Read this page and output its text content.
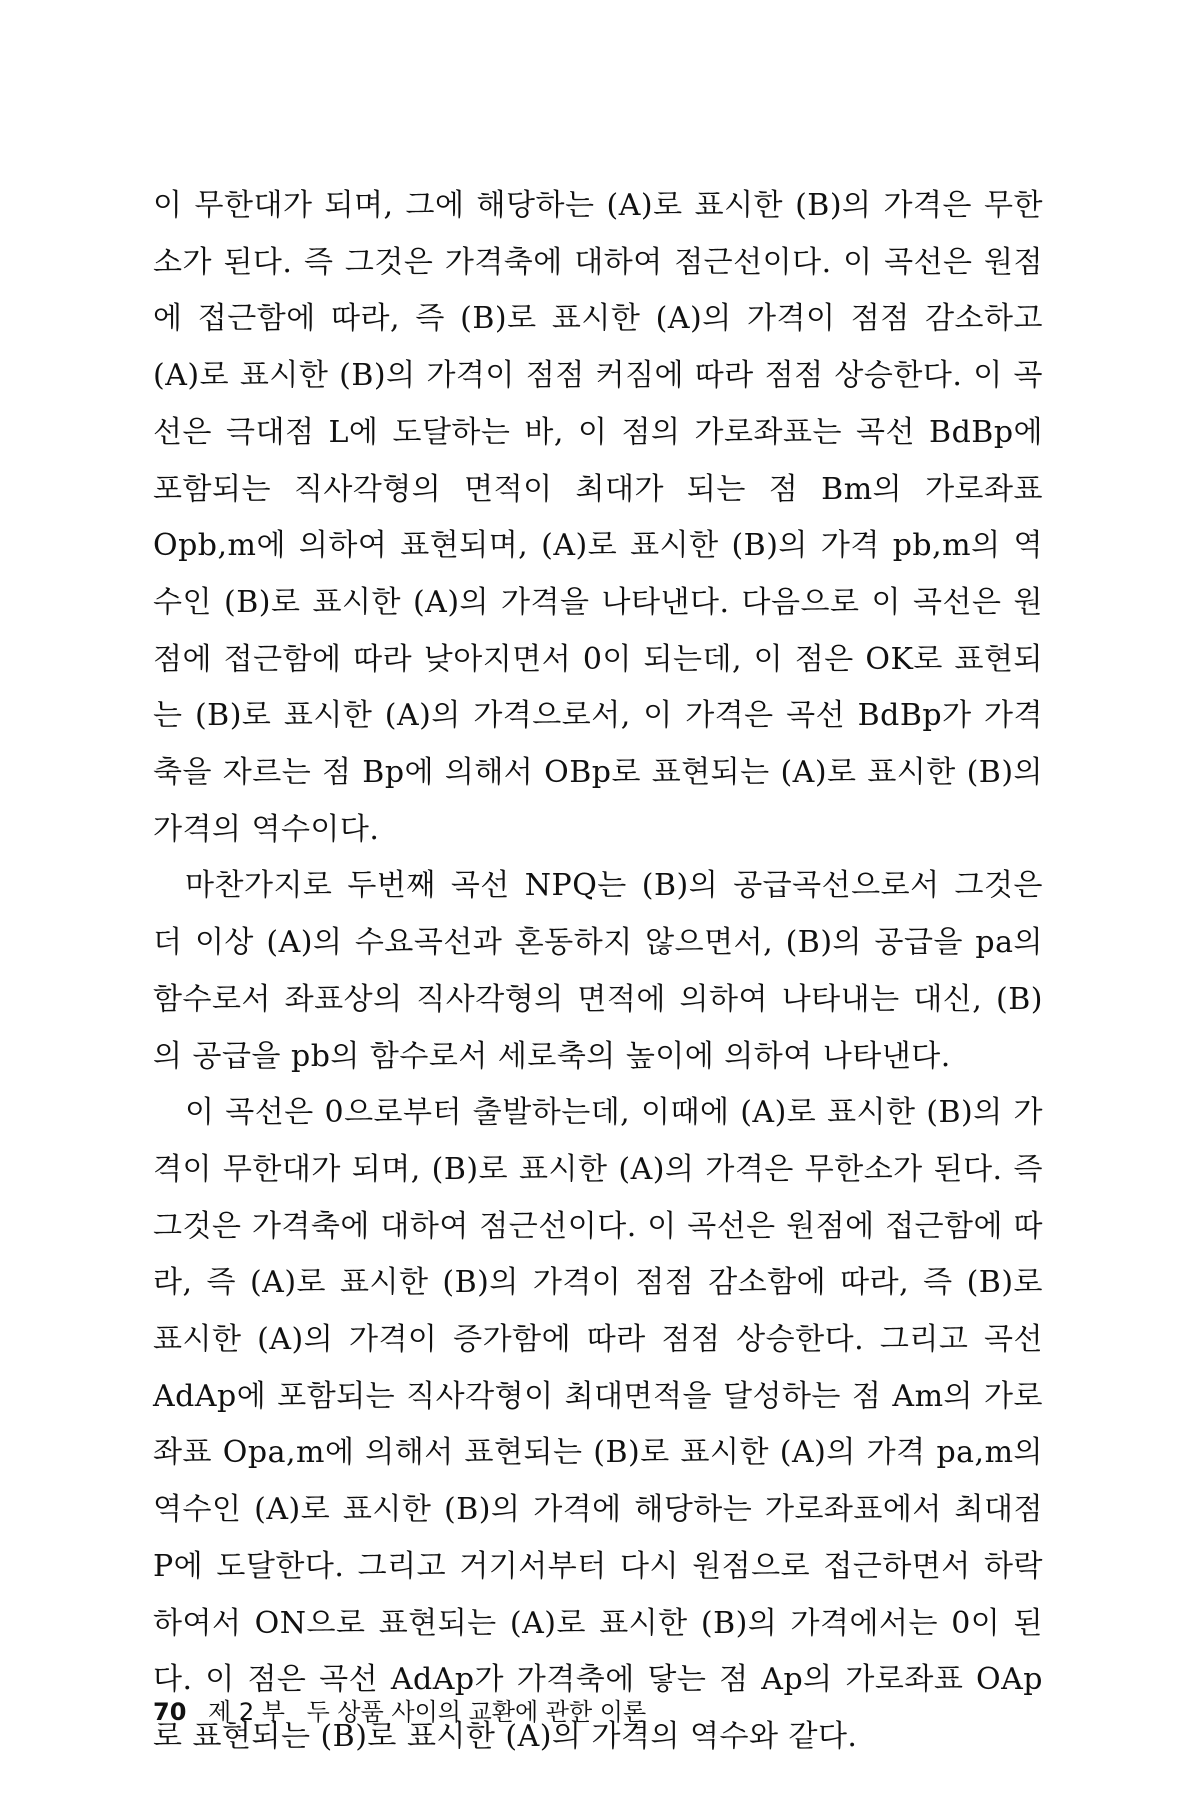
이 무한대가 되며, 그에 해당하는 (A)로 표시한 (B)의 가격은 무한소가 된다. 즉 그것은 가격축에 대하여 점근선이다. 이 곡선은 원점에 접근함에 따라, 즉 (B)로 표시한 (A)의 가격이 점점 감소하고 (A)로 표시한 (B)의 가격이 점점 커짐에 따라 점점 상승한다. 이 곡선은 극대점 L에 도달하는 바, 이 점의 가로좌표는 곡선 BdBp에 포함되는 직사각형의 면적이 최대가 되는 점 Bm의 가로좌표 Opb,m에 의하여 표현되며, (A)로 표시한 (B)의 가격 pb,m의 역수인 (B)로 표시한 (A)의 가격을 나타낸다. 다음으로 이 곡선은 원점에 접근함에 따라 낮아지면서 0이 되는데, 이 점은 OK로 표현되는 (B)로 표시한 (A)의 가격으로서, 이 가격은 곡선 BdBp가 가격축을 자르는 점 Bp에 의해서 OBp로 표현되는 (A)로 표시한 (B)의 가격의 역수이다.

마찬가지로 두번째 곡선 NPQ는 (B)의 공급곡선으로서 그것은 더 이상 (A)의 수요곡선과 혼동하지 않으면서, (B)의 공급을 pa의 함수로서 좌표상의 직사각형의 면적에 의하여 나타내는 대신, (B)의 공급을 pb의 함수로서 세로축의 높이에 의하여 나타낸다.

이 곡선은 0으로부터 출발하는데, 이때에 (A)로 표시한 (B)의 가격이 무한대가 되며, (B)로 표시한 (A)의 가격은 무한소가 된다. 즉 그것은 가격축에 대하여 점근선이다. 이 곡선은 원점에 접근함에 따라, 즉 (A)로 표시한 (B)의 가격이 점점 감소함에 따라, 즉 (B)로 표시한 (A)의 가격이 증가함에 따라 점점 상승한다. 그리고 곡선 AdAp에 포함되는 직사각형이 최대면적을 달성하는 점 Am의 가로좌표 Opa,m에 의해서 표현되는 (B)로 표시한 (A)의 가격 pa,m의 역수인 (A)로 표시한 (B)의 가격에 해당하는 가로좌표에서 최대점 P에 도달한다. 그리고 거기서부터 다시 원점으로 접근하면서 하락하여서 ON으로 표현되는 (A)로 표시한 (B)의 가격에서는 0이 된다. 이 점은 곡선 AdAp가 가격축에 닿는 점 Ap의 가로좌표 OAp로 표현되는 (B)로 표시한 (A)의 가격의 역수와 같다.

70 제 2 부 두 상품 사이의 교환에 관한 이론
